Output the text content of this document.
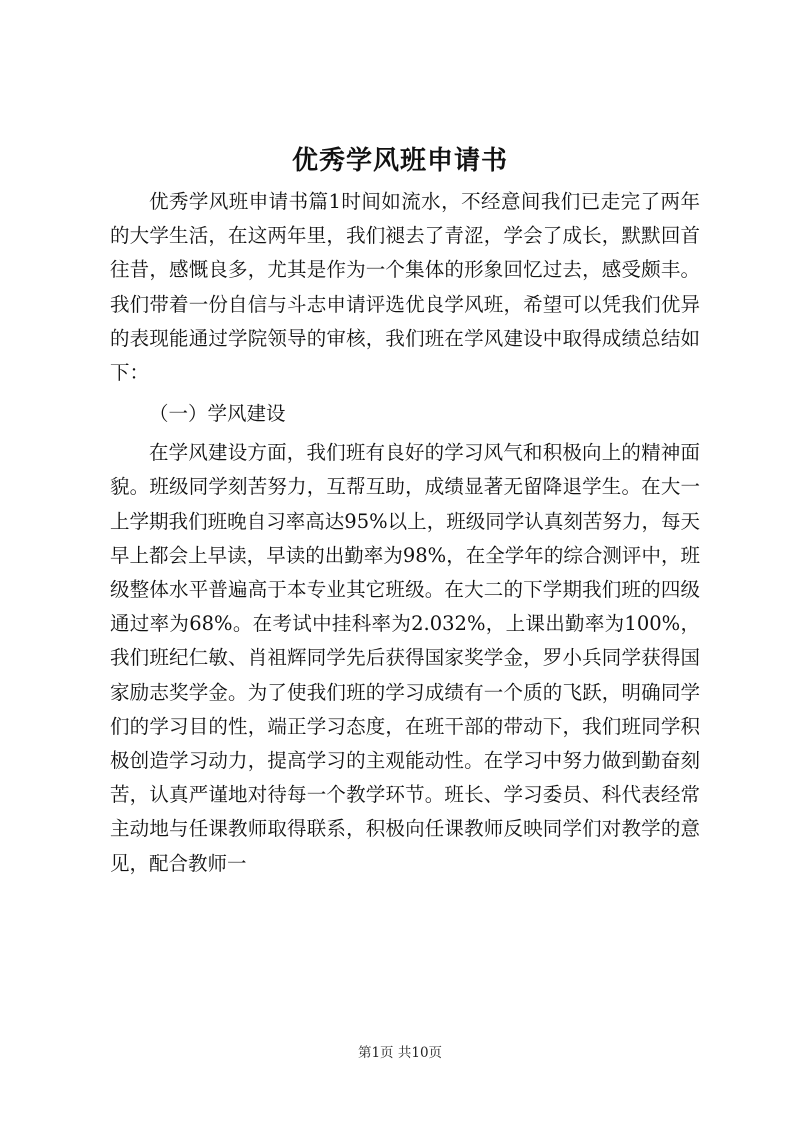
优秀学风班申请书

优秀学风班申请书篇1时间如流水，不经意间我们已走完了两年的大学生活，在这两年里，我们褪去了青涩，学会了成长，默默回首往昔，感慨良多，尤其是作为一个集体的形象回忆过去，感受颇丰。我们带着一份自信与斗志申请评选优良学风班，希望可以凭我们优异的表现能通过学院领导的审核，我们班在学风建设中取得成绩总结如下：

（一）学风建设

在学风建设方面，我们班有良好的学习风气和积极向上的精神面貌。班级同学刻苦努力，互帮互助，成绩显著无留降退学生。在大一上学期我们班晚自习率高达95%以上，班级同学认真刻苦努力，每天早上都会上早读，早读的出勤率为98%，在全学年的综合测评中，班级整体水平普遍高于本专业其它班级。在大二的下学期我们班的四级通过率为68%。在考试中挂科率为2.032%，上课出勤率为100%，我们班纪仁敏、肖祖辉同学先后获得国家奖学金，罗小兵同学获得国家励志奖学金。为了使我们班的学习成绩有一个质的飞跃，明确同学们的学习目的性，端正学习态度，在班干部的带动下，我们班同学积极创造学习动力，提高学习的主观能动性。在学习中努力做到勤奋刻苦，认真严谨地对待每一个教学环节。班长、学习委员、科代表经常主动地与任课教师取得联系，积极向任课教师反映同学们对教学的意见，配合教师一

第1页 共10页
